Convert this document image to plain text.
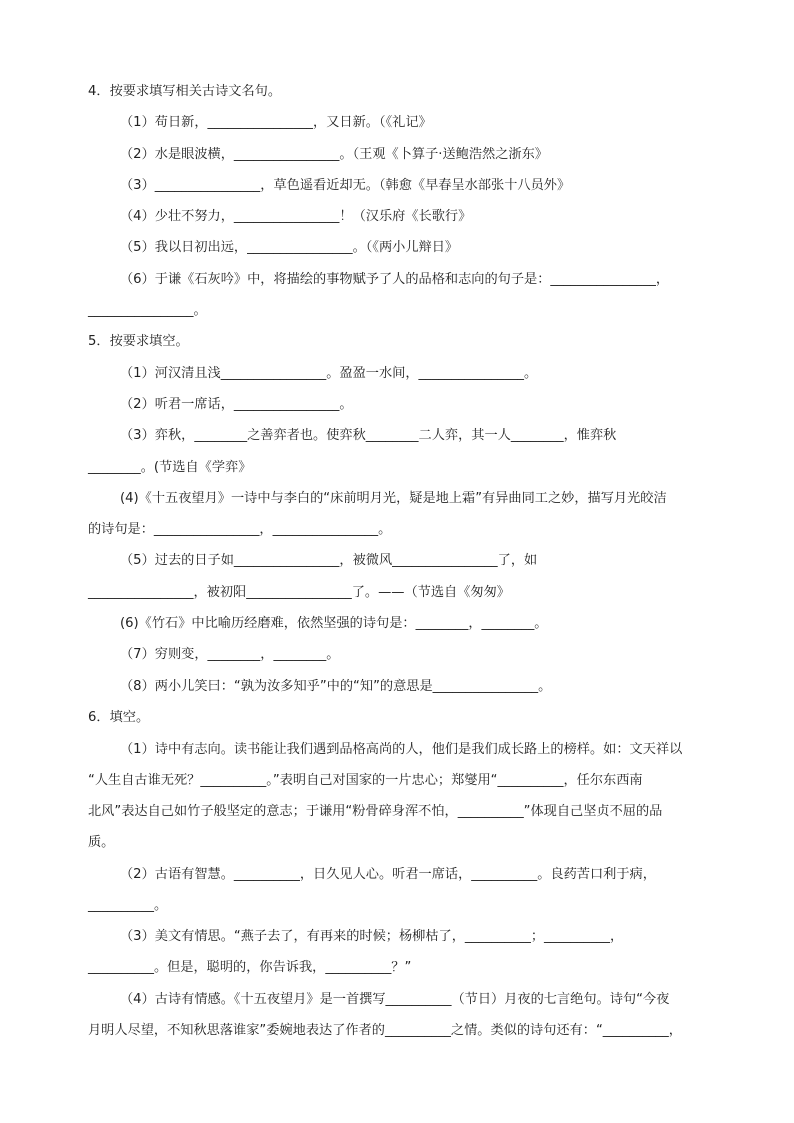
4．按要求填写相关古诗文名句。
（1）苟日新，________________，又日新。（《礼记》
（2）水是眼波横，________________。（王观《卜算子·送鲍浩然之浙东》
（3）________________，草色遥看近却无。（韩愈《早春呈水部张十八员外》
（4）少壮不努力，________________！（汉乐府《长歌行》
（5）我以日初出远，________________。（《两小儿辩日》
（6）于谦《石灰吟》中，将描绘的事物赋予了人的品格和志向的句子是：________________，
________________。
5．按要求填空。
（1）河汉清且浅________________。盈盈一水间，________________。
（2）听君一席话，________________。
（3）弈秋，________之善弈者也。使弈秋________二人弈，其一人________，惟弈秋
________。(节选自《学弈》
(4)《十五夜望月》一诗中与李白的“床前明月光，疑是地上霜”有异曲同工之妙，描写月光皎洁
的诗句是：________________，________________。
（5）过去的日子如________________，被微风________________了，如
________________，被初阳________________了。——（节选自《匆匆》
(6)《竹石》中比喻历经磨难，依然坚强的诗句是：________，________。
（7）穷则变，________，________。
（8）两小儿笑曰：“孰为汝多知乎”中的“知”的意思是________________。
6．填空。
（1）诗中有志向。读书能让我们遇到品格高尚的人，他们是我们成长路上的榜样。如：文天祥以
“人生自古谁无死？__________。”表明自己对国家的一片忠心；郑燮用“__________，任尔东西南
北风”表达自己如竹子般坚定的意志；于谦用“粉骨碎身浑不怕，__________”体现自己坚贞不屈的品
质。
（2）古语有智慧。__________，日久见人心。听君一席话，__________。良药苦口利于病，
__________。
（3）美文有情思。“燕子去了，有再来的时候；杨柳枯了，__________；__________，
__________。但是，聪明的，你告诉我，__________？”
（4）古诗有情感。《十五夜望月》是一首撰写__________（节日）月夜的七言绝句。诗句“今夜
月明人尽望，不知秋思落谁家”委婉地表达了作者的__________之情。类似的诗句还有：“__________，
